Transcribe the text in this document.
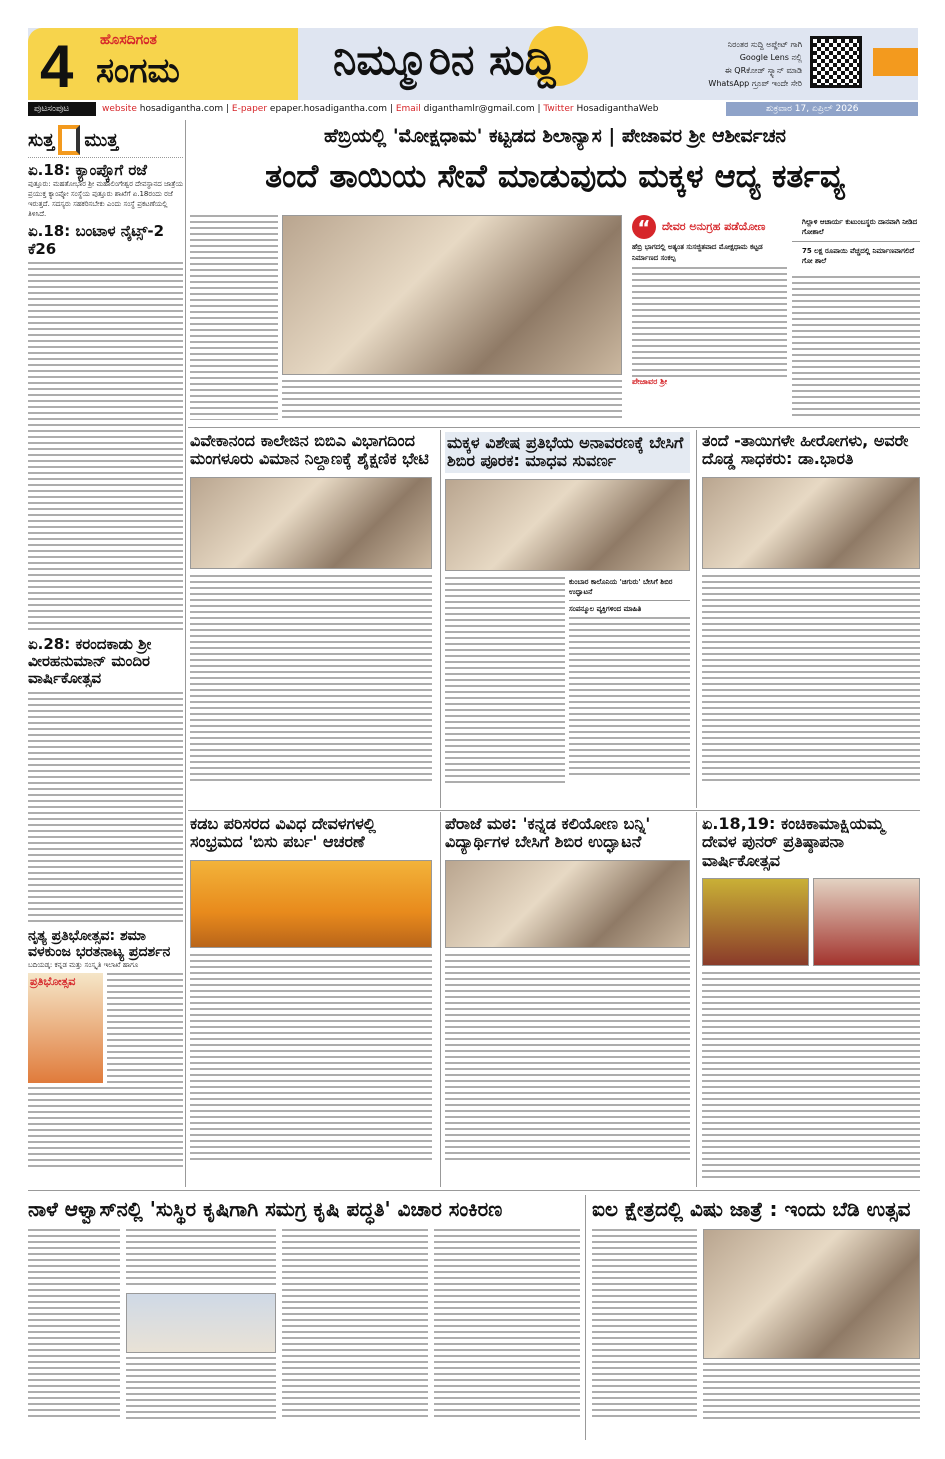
4 ಹೊಸದಿಗಂತ
ಸಂಗಮ	ನಿಮ್ಮೂರಿನ ಸುದ್ದಿ	ನಿರಂತರ ಸುದ್ದಿ ಅಪ್ಡೇಟ್ ಗಾಗಿ
Google Lens ನಲ್ಲಿ
ಈ QRಕೋಡ್ ಸ್ಕ್ಯಾನ್ ಮಾಡಿ
WhatsApp ಗ್ರೂಪ್ ಇಂದೇ ಸೇರಿ
ಪುಟಸಂಪುಟ	website hosadigantha.com | E-paper epaper.hosadigantha.com | Email diganthamlr@gmail.com | Twitter HosadiganthaWeb	ಶುಕ್ರವಾರ 17, ಏಪ್ರಿಲ್ 2026
ಸುತ್ತ ಮುತ್ತ
ಏ.18: ಕ್ಯಾಂಪ್ಕೊಗೆ ರಜೆ
ಪುತ್ತೂರು: ಮಹತೋಭಾರ ಶ್ರೀ ಮಹಾಲಿಂಗೇಶ್ವರ ದೇವಸ್ಥಾನದ ಜಾತ್ರೆಯ ಪ್ರಯುಕ್ತ ಕ್ಯಾಂಪ್ಕೋ ಸಂಸ್ಥೆಯ ಪುತ್ತೂರು ಶಾಖೆಗೆ ಏ.18ರಂದು ರಜೆ ಇರುತ್ತದೆ. ಸದಸ್ಯರು ಸಹಕರಿಸಬೇಕು ಎಂದು ಸಂಸ್ಥೆ ಪ್ರಕಟಣೆಯಲ್ಲಿ ತಿಳಿಸಿದೆ.
ಏ.18: ಬಂಟಾಳ ನೈಟ್ಸ್-2 ಕೆ26
ಏ.28: ಕರಂದಕಾಡು ಶ್ರೀ ವೀರಹನುಮಾನ್ ಮಂದಿರ ವಾರ್ಷಿಕೋತ್ಸವ
ನೃತ್ಯ ಪ್ರತಿಭೋತ್ಸವ: ಶಮಾ ವಳಕುಂಜ ಭರತನಾಟ್ಯ ಪ್ರದರ್ಶನ
ಬದಿಯಡ್ಕ: ಕನ್ನಡ ಮತ್ತು ಸಂಸ್ಕೃತಿ ಇಲಾಖೆ ಹಾಗೂ
ಪ್ರತಿಭೋತ್ಸವ
ಹೆಬ್ರಿಯಲ್ಲಿ 'ಮೋಕ್ಷಧಾಮ' ಕಟ್ಟಡದ ಶಿಲಾನ್ಯಾಸ | ಪೇಜಾವರ ಶ್ರೀ ಆಶೀರ್ವಚನ
ತಂದೆ ತಾಯಿಯ ಸೇವೆ ಮಾಡುವುದು ಮಕ್ಕಳ ಆದ್ಯ ಕರ್ತವ್ಯ
“	ದೇವರ ಅನುಗ್ರಹ ಪಡೆಯೋಣ
ಹೆಬ್ರಿ ಭಾಗದಲ್ಲಿ ಅತ್ಯಂತ ಸುಸಜ್ಜಿತವಾದ ಮೋಕ್ಷಧಾಮ ಕಟ್ಟಡ ನಿರ್ಮಾಣದ ಸಂಕಲ್ಪ
ಪೇಜಾವರ ಶ್ರೀ
ಗಿಲ್ಲಾಳಿ ಆಚಾರ್ಯ ಕುಟುಂಬಸ್ಥರು ದಾನವಾಗಿ ನೀಡಿದ ಗೋಶಾಲೆ
75 ಲಕ್ಷ ರೂಪಾಯಿ ವೆಚ್ಚದಲ್ಲಿ ನಿರ್ಮಾಣವಾಗಲಿದೆ ಗೋ ಶಾಲೆ
ವಿವೇಕಾನಂದ ಕಾಲೇಜಿನ ಬಿಬಿಎ ವಿಭಾಗದಿಂದ ಮಂಗಳೂರು ವಿಮಾನ ನಿಲ್ದಾಣಕ್ಕೆ ಶೈಕ್ಷಣಿಕ ಭೇಟಿ
ಮಕ್ಕಳ ವಿಶೇಷ ಪ್ರತಿಭೆಯ ಅನಾವರಣಕ್ಕೆ ಬೇಸಿಗೆ ಶಿಬಿರ ಪೂರಕ: ಮಾಧವ ಸುವರ್ಣ
ಕುಂಬಾರ ಕಾಲೊನಿಯ 'ಚಿಗುರು' ಬೇಸಿಗೆ ಶಿಬಿರ ಉದ್ಘಾಟನೆ
ಸಂಪನ್ಮೂಲ ವ್ಯಕ್ತಿಗಳಿಂದ ಮಾಹಿತಿ
ತಂದೆ -ತಾಯಿಗಳೇ ಹೀರೋಗಳು, ಅವರೇ ದೊಡ್ಡ ಸಾಧಕರು: ಡಾ.ಭಾರತಿ
ಕಡಬ ಪರಿಸರದ ವಿವಿಧ ದೇವಳಗಳಲ್ಲಿ ಸಂಭ್ರಮದ 'ಬಿಸು ಪರ್ಬ' ಆಚರಣೆ
ಪೆರಾಜೆ ಮಠ: 'ಕನ್ನಡ ಕಲಿಯೋಣ ಬನ್ನಿ' ವಿದ್ಯಾರ್ಥಿಗಳ ಬೇಸಿಗೆ ಶಿಬಿರ ಉದ್ಘಾಟನೆ
ಏ.18,19: ಕಂಚಿಕಾಮಾಕ್ಷಿಯಮ್ಮ ದೇವಳ ಪುನರ್ ಪ್ರತಿಷ್ಠಾಪನಾ ವಾರ್ಷಿಕೋತ್ಸವ
ನಾಳೆ ಆಳ್ವಾಸ್‌ನಲ್ಲಿ 'ಸುಸ್ಥಿರ ಕೃಷಿಗಾಗಿ ಸಮಗ್ರ ಕೃಷಿ ಪದ್ಧತಿ' ವಿಚಾರ ಸಂಕಿರಣ	ಐಲ ಕ್ಷೇತ್ರದಲ್ಲಿ ವಿಷು ಜಾತ್ರೆ : ಇಂದು ಬೆಡಿ ಉತ್ಸವ
